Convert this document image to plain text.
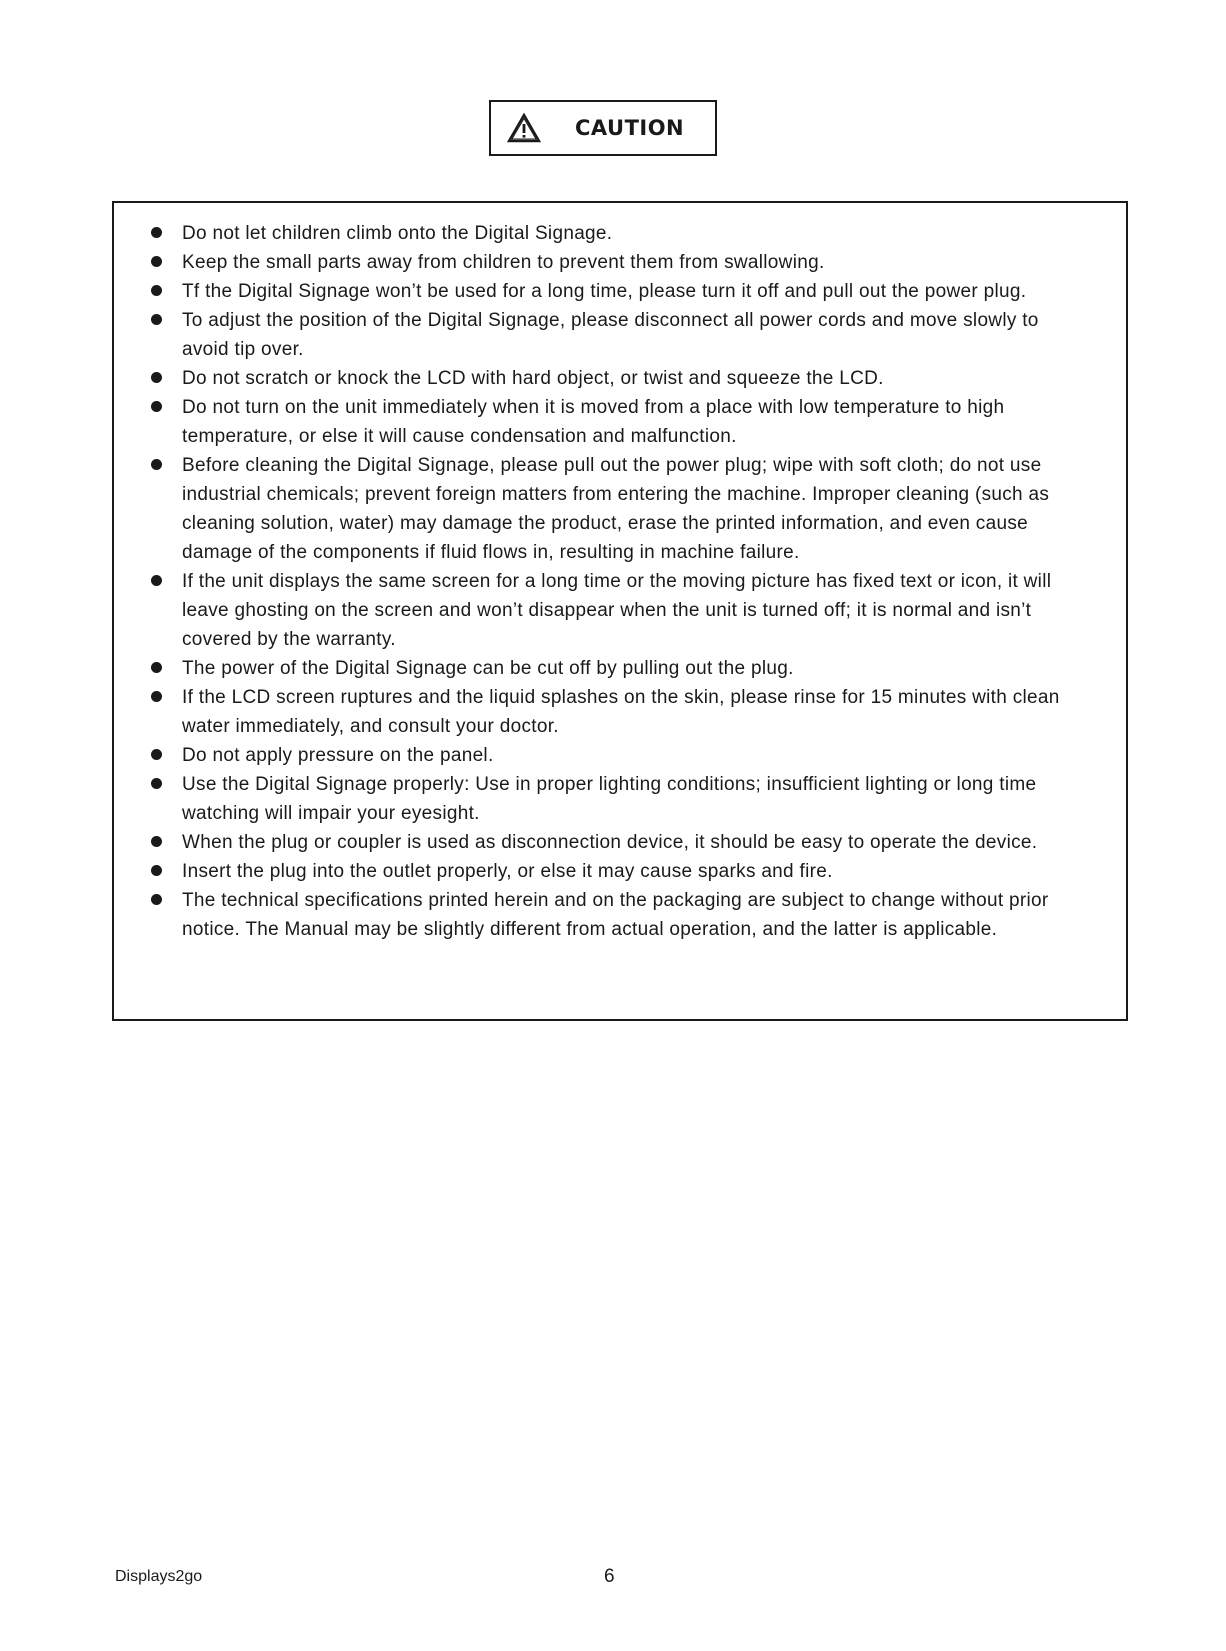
CAUTION
Do not let children climb onto the Digital Signage.
Keep the small parts away from children to prevent them from swallowing.
Tf the Digital Signage won’t be used for a long time, please turn it off and pull out the power plug.
To adjust the position of the Digital Signage, please disconnect all power cords and move slowly to avoid tip over.
Do not scratch or knock the LCD with hard object, or twist and squeeze the LCD.
Do not turn on the unit immediately when it is moved from a place with low temperature to high temperature, or else it will cause condensation and malfunction.
Before cleaning the Digital Signage, please pull out the power plug; wipe with soft cloth; do not use industrial chemicals; prevent foreign matters from entering the machine. Improper cleaning (such as cleaning solution, water) may damage the product, erase the printed information, and even cause damage of the components if fluid flows in, resulting in machine failure.
If the unit displays the same screen for a long time or the moving picture has fixed text or icon, it will leave ghosting on the screen and won’t disappear when the unit is turned off; it is normal and isn’t covered by the warranty.
The power of the Digital Signage can be cut off by pulling out the plug.
If the LCD screen ruptures and the liquid splashes on the skin, please rinse for 15 minutes with clean water immediately, and consult your doctor.
Do not apply pressure on the panel.
Use the Digital Signage properly: Use in proper lighting conditions; insufficient lighting or long time watching will impair your eyesight.
When the plug or coupler is used as disconnection device, it should be easy to operate the device.
Insert the plug into the outlet properly, or else it may cause sparks and fire.
The technical specifications printed herein and on the packaging are subject to change without prior notice. The Manual may be slightly different from actual operation, and the latter is applicable.
Displays2go	6
